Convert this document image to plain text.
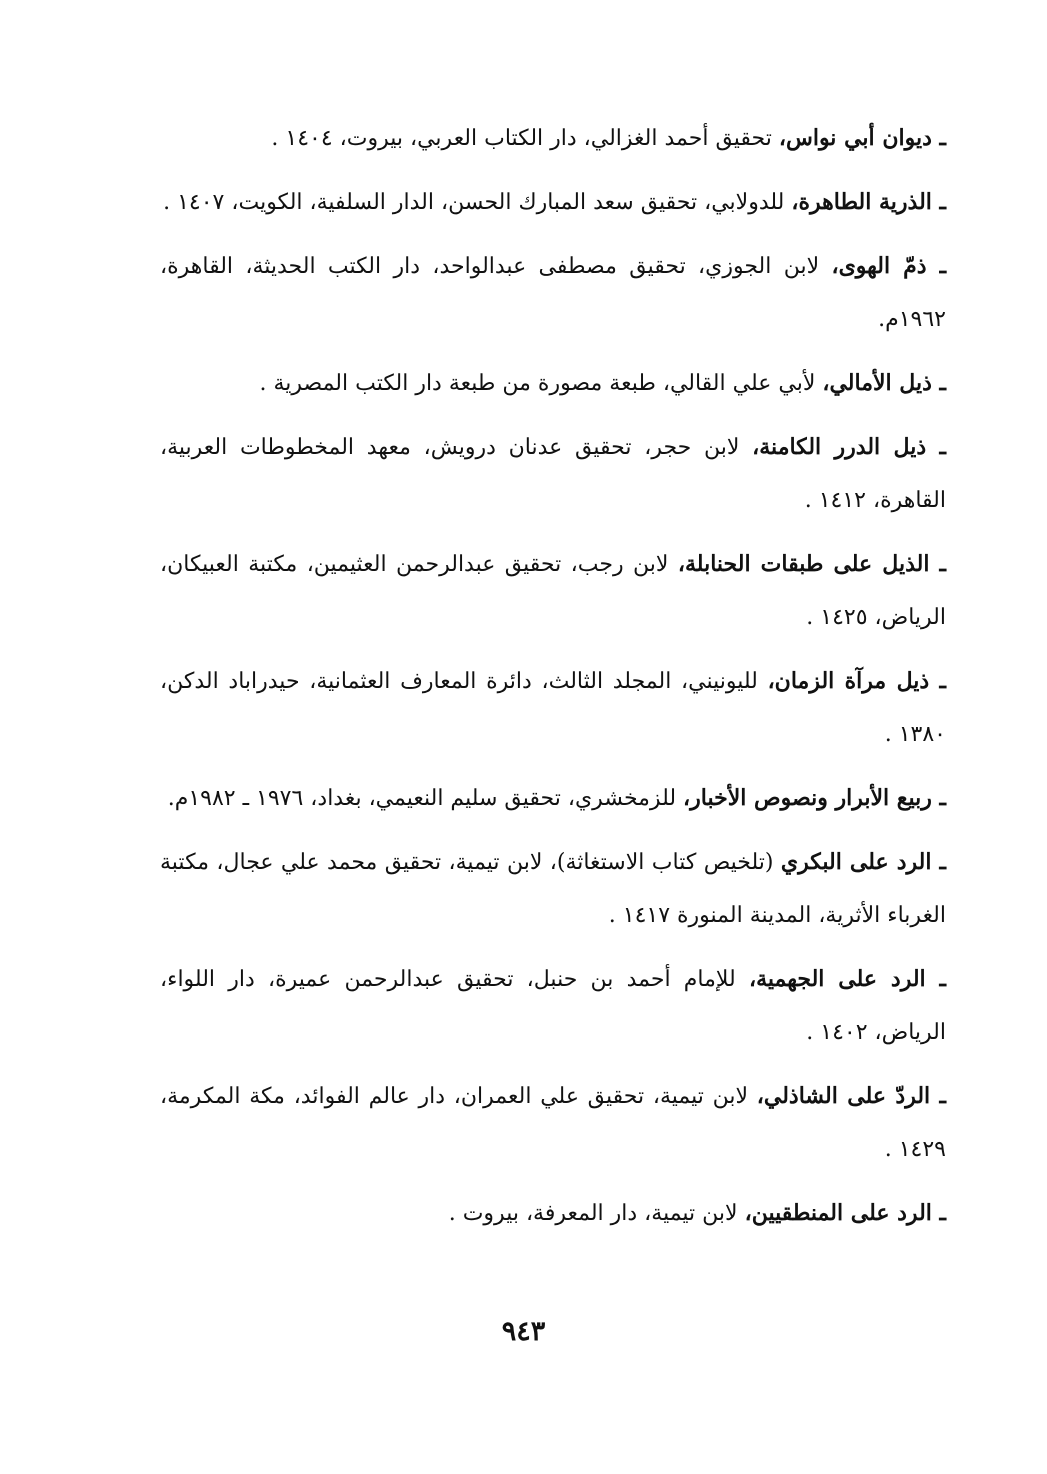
ـ ديوان أبي نواس، تحقيق أحمد الغزالي، دار الكتاب العربي، بيروت، ١٤٠٤ .
ـ الذرية الطاهرة، للدولابي، تحقيق سعد المبارك الحسن، الدار السلفية، الكويت، ١٤٠٧ .
ـ ذمّ الهوى، لابن الجوزي، تحقيق مصطفى عبدالواحد، دار الكتب الحديثة، القاهرة، ١٩٦٢م.
ـ ذيل الأمالي، لأبي علي القالي، طبعة مصورة من طبعة دار الكتب المصرية .
ـ ذيل الدرر الكامنة، لابن حجر، تحقيق عدنان درويش، معهد المخطوطات العربية، القاهرة، ١٤١٢ .
ـ الذيل على طبقات الحنابلة، لابن رجب، تحقيق عبدالرحمن العثيمين، مكتبة العبيكان، الرياض، ١٤٢٥ .
ـ ذيل مرآة الزمان، لليونيني، المجلد الثالث، دائرة المعارف العثمانية، حيدراباد الدكن، ١٣٨٠ .
ـ ربيع الأبرار ونصوص الأخبار، للزمخشري، تحقيق سليم النعيمي، بغداد، ١٩٧٦ ـ ١٩٨٢م.
ـ الرد على البكري (تلخيص كتاب الاستغاثة)، لابن تيمية، تحقيق محمد علي عجال، مكتبة الغرباء الأثرية، المدينة المنورة ١٤١٧ .
ـ الرد على الجهمية، للإمام أحمد بن حنبل، تحقيق عبدالرحمن عميرة، دار اللواء، الرياض، ١٤٠٢ .
ـ الردّ على الشاذلي، لابن تيمية، تحقيق علي العمران، دار عالم الفوائد، مكة المكرمة، ١٤٢٩ .
ـ الرد على المنطقيين، لابن تيمية، دار المعرفة، بيروت .
٩٤٣
